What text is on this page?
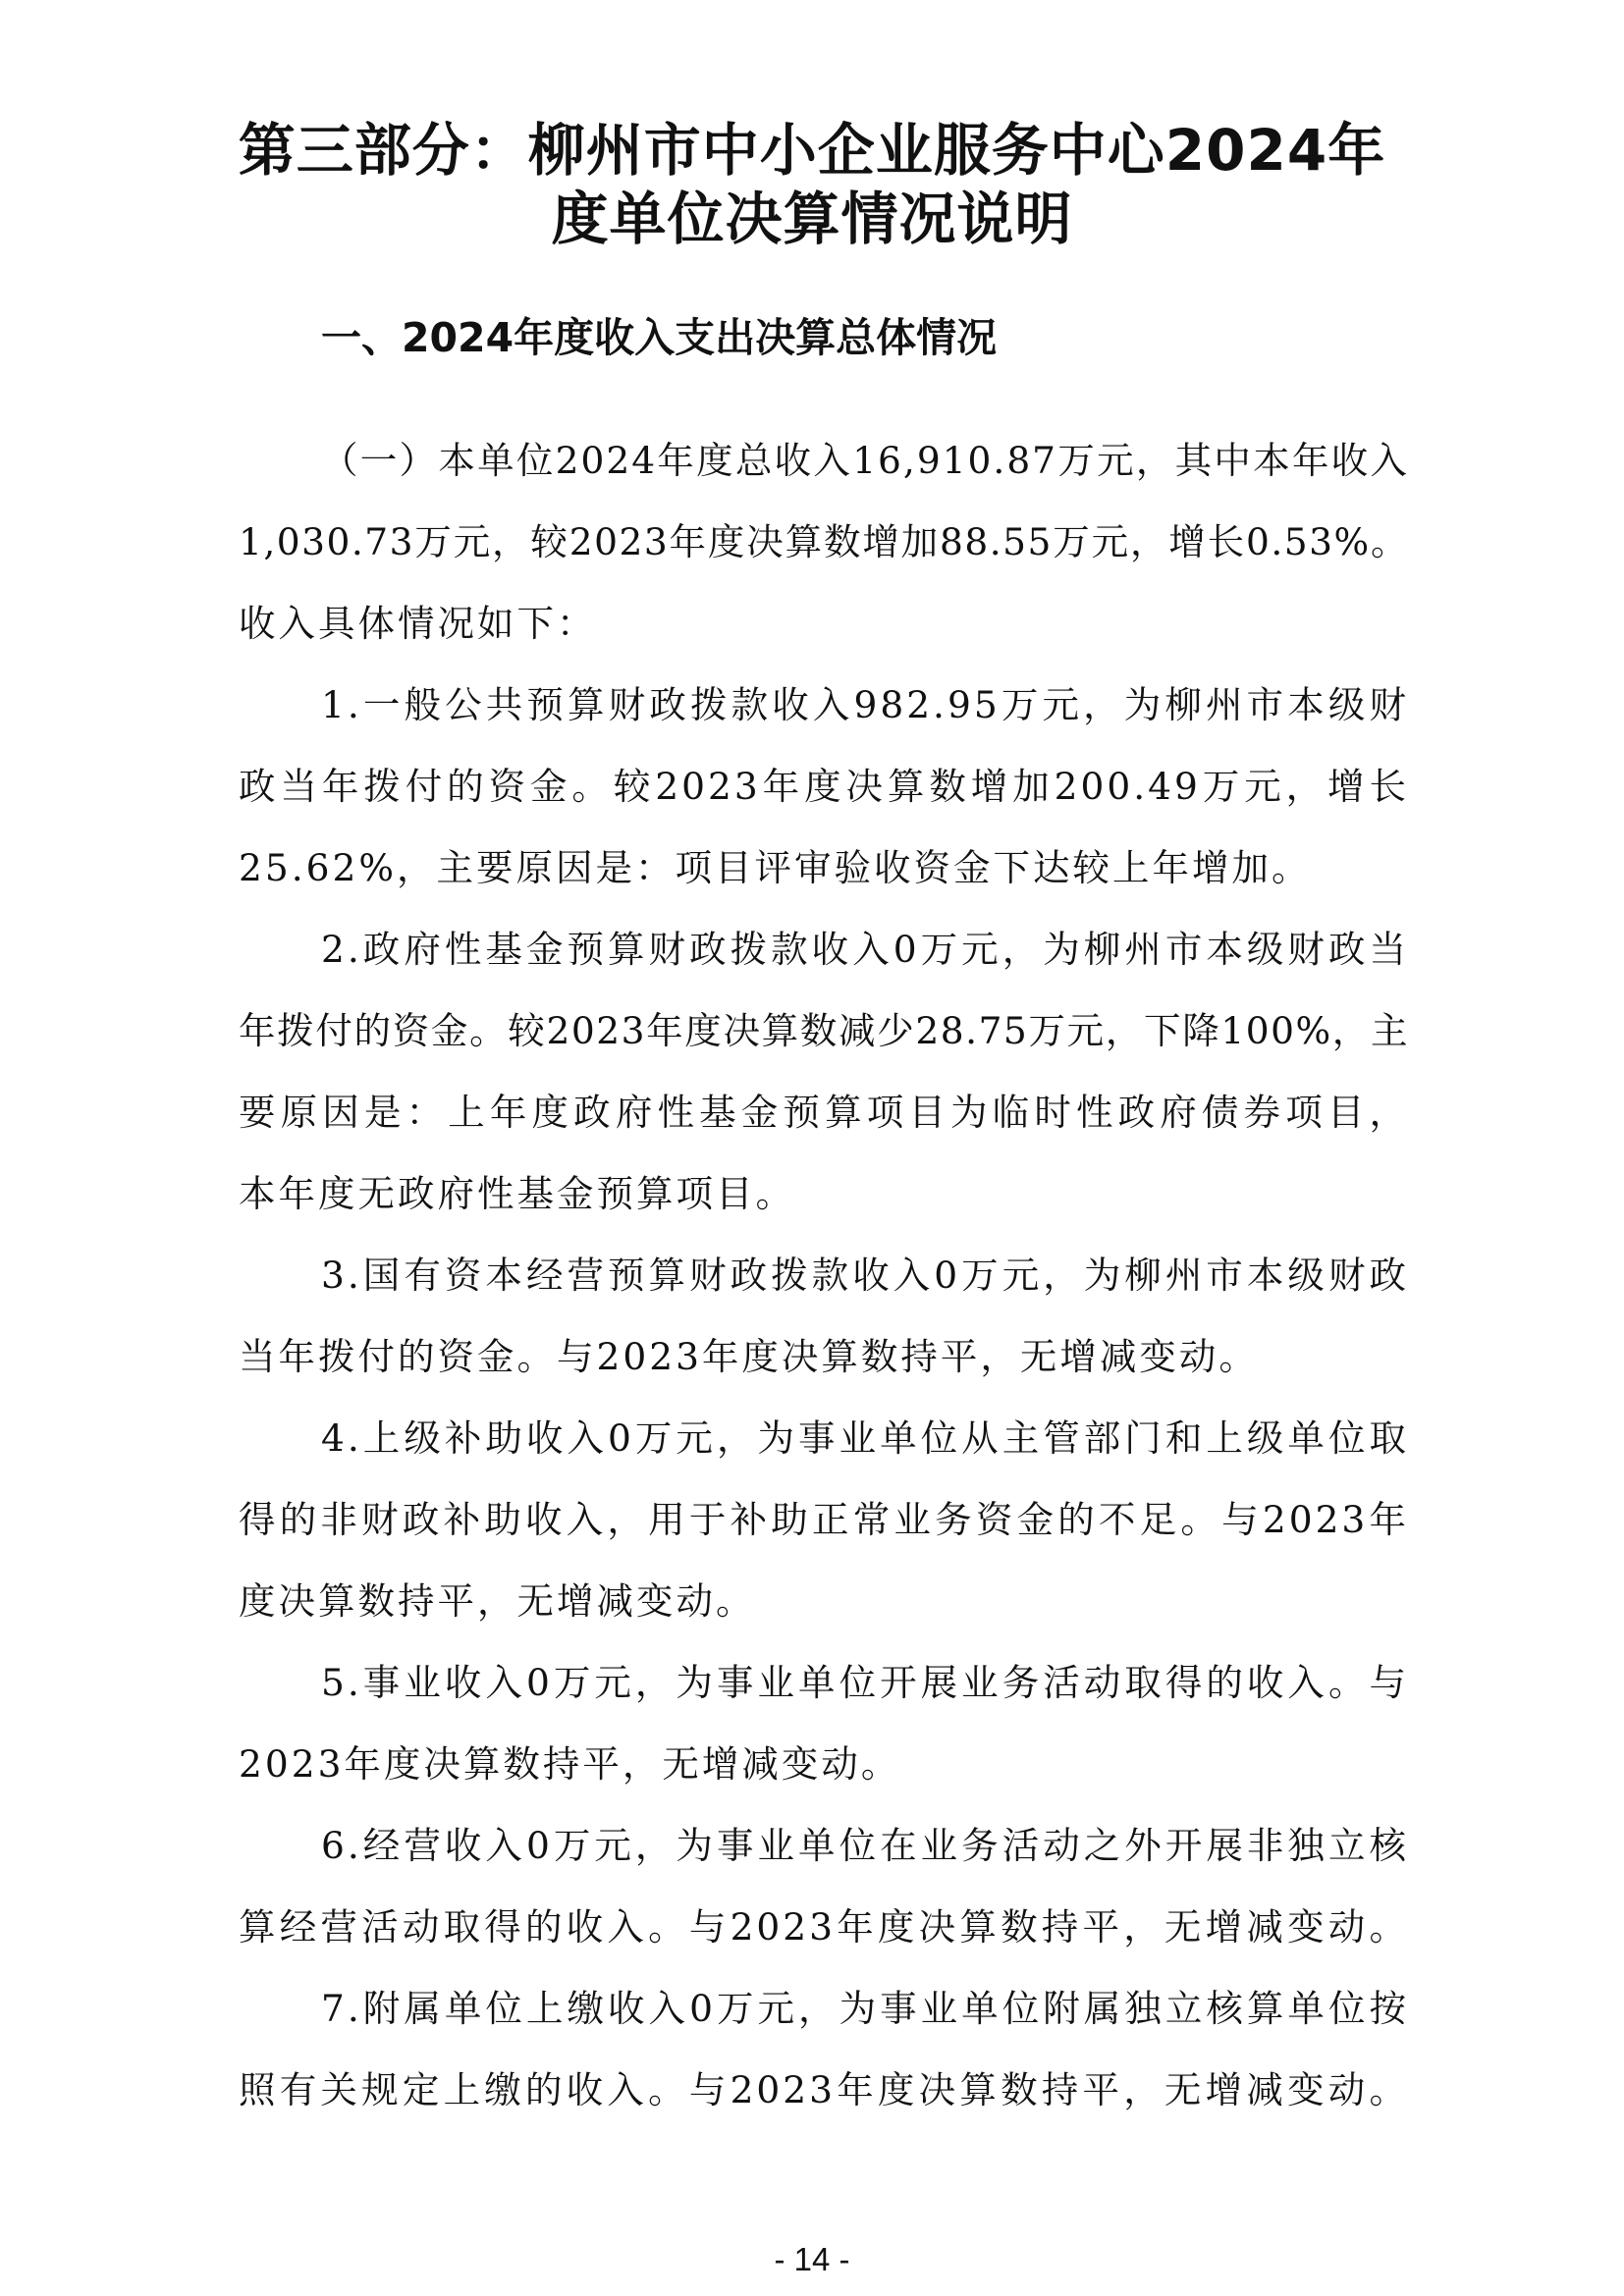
第三部分：柳州市中小企业服务中心2024年
度单位决算情况说明
一、2024年度收入支出决算总体情况

（一）本单位2024年度总收入16,910.87万元，其中本年收入
1,030.73万元，较2023年度决算数增加88.55万元，增长0.53%。
收入具体情况如下：

1.一般公共预算财政拨款收入982.95万元，为柳州市本级财
政当年拨付的资金。较2023年度决算数增加200.49万元，增长
25.62%，主要原因是：项目评审验收资金下达较上年增加。

2.政府性基金预算财政拨款收入0万元，为柳州市本级财政当
年拨付的资金。较2023年度决算数减少28.75万元，下降100%，主
要原因是：上年度政府性基金预算项目为临时性政府债券项目，
本年度无政府性基金预算项目。

3.国有资本经营预算财政拨款收入0万元，为柳州市本级财政
当年拨付的资金。与2023年度决算数持平，无增减变动。

4.上级补助收入0万元，为事业单位从主管部门和上级单位取
得的非财政补助收入，用于补助正常业务资金的不足。与2023年
度决算数持平，无增减变动。

5.事业收入0万元，为事业单位开展业务活动取得的收入。与
2023年度决算数持平，无增减变动。

6.经营收入0万元，为事业单位在业务活动之外开展非独立核
算经营活动取得的收入。与2023年度决算数持平，无增减变动。

7.附属单位上缴收入0万元，为事业单位附属独立核算单位按
照有关规定上缴的收入。与2023年度决算数持平，无增减变动。

- 14 -
